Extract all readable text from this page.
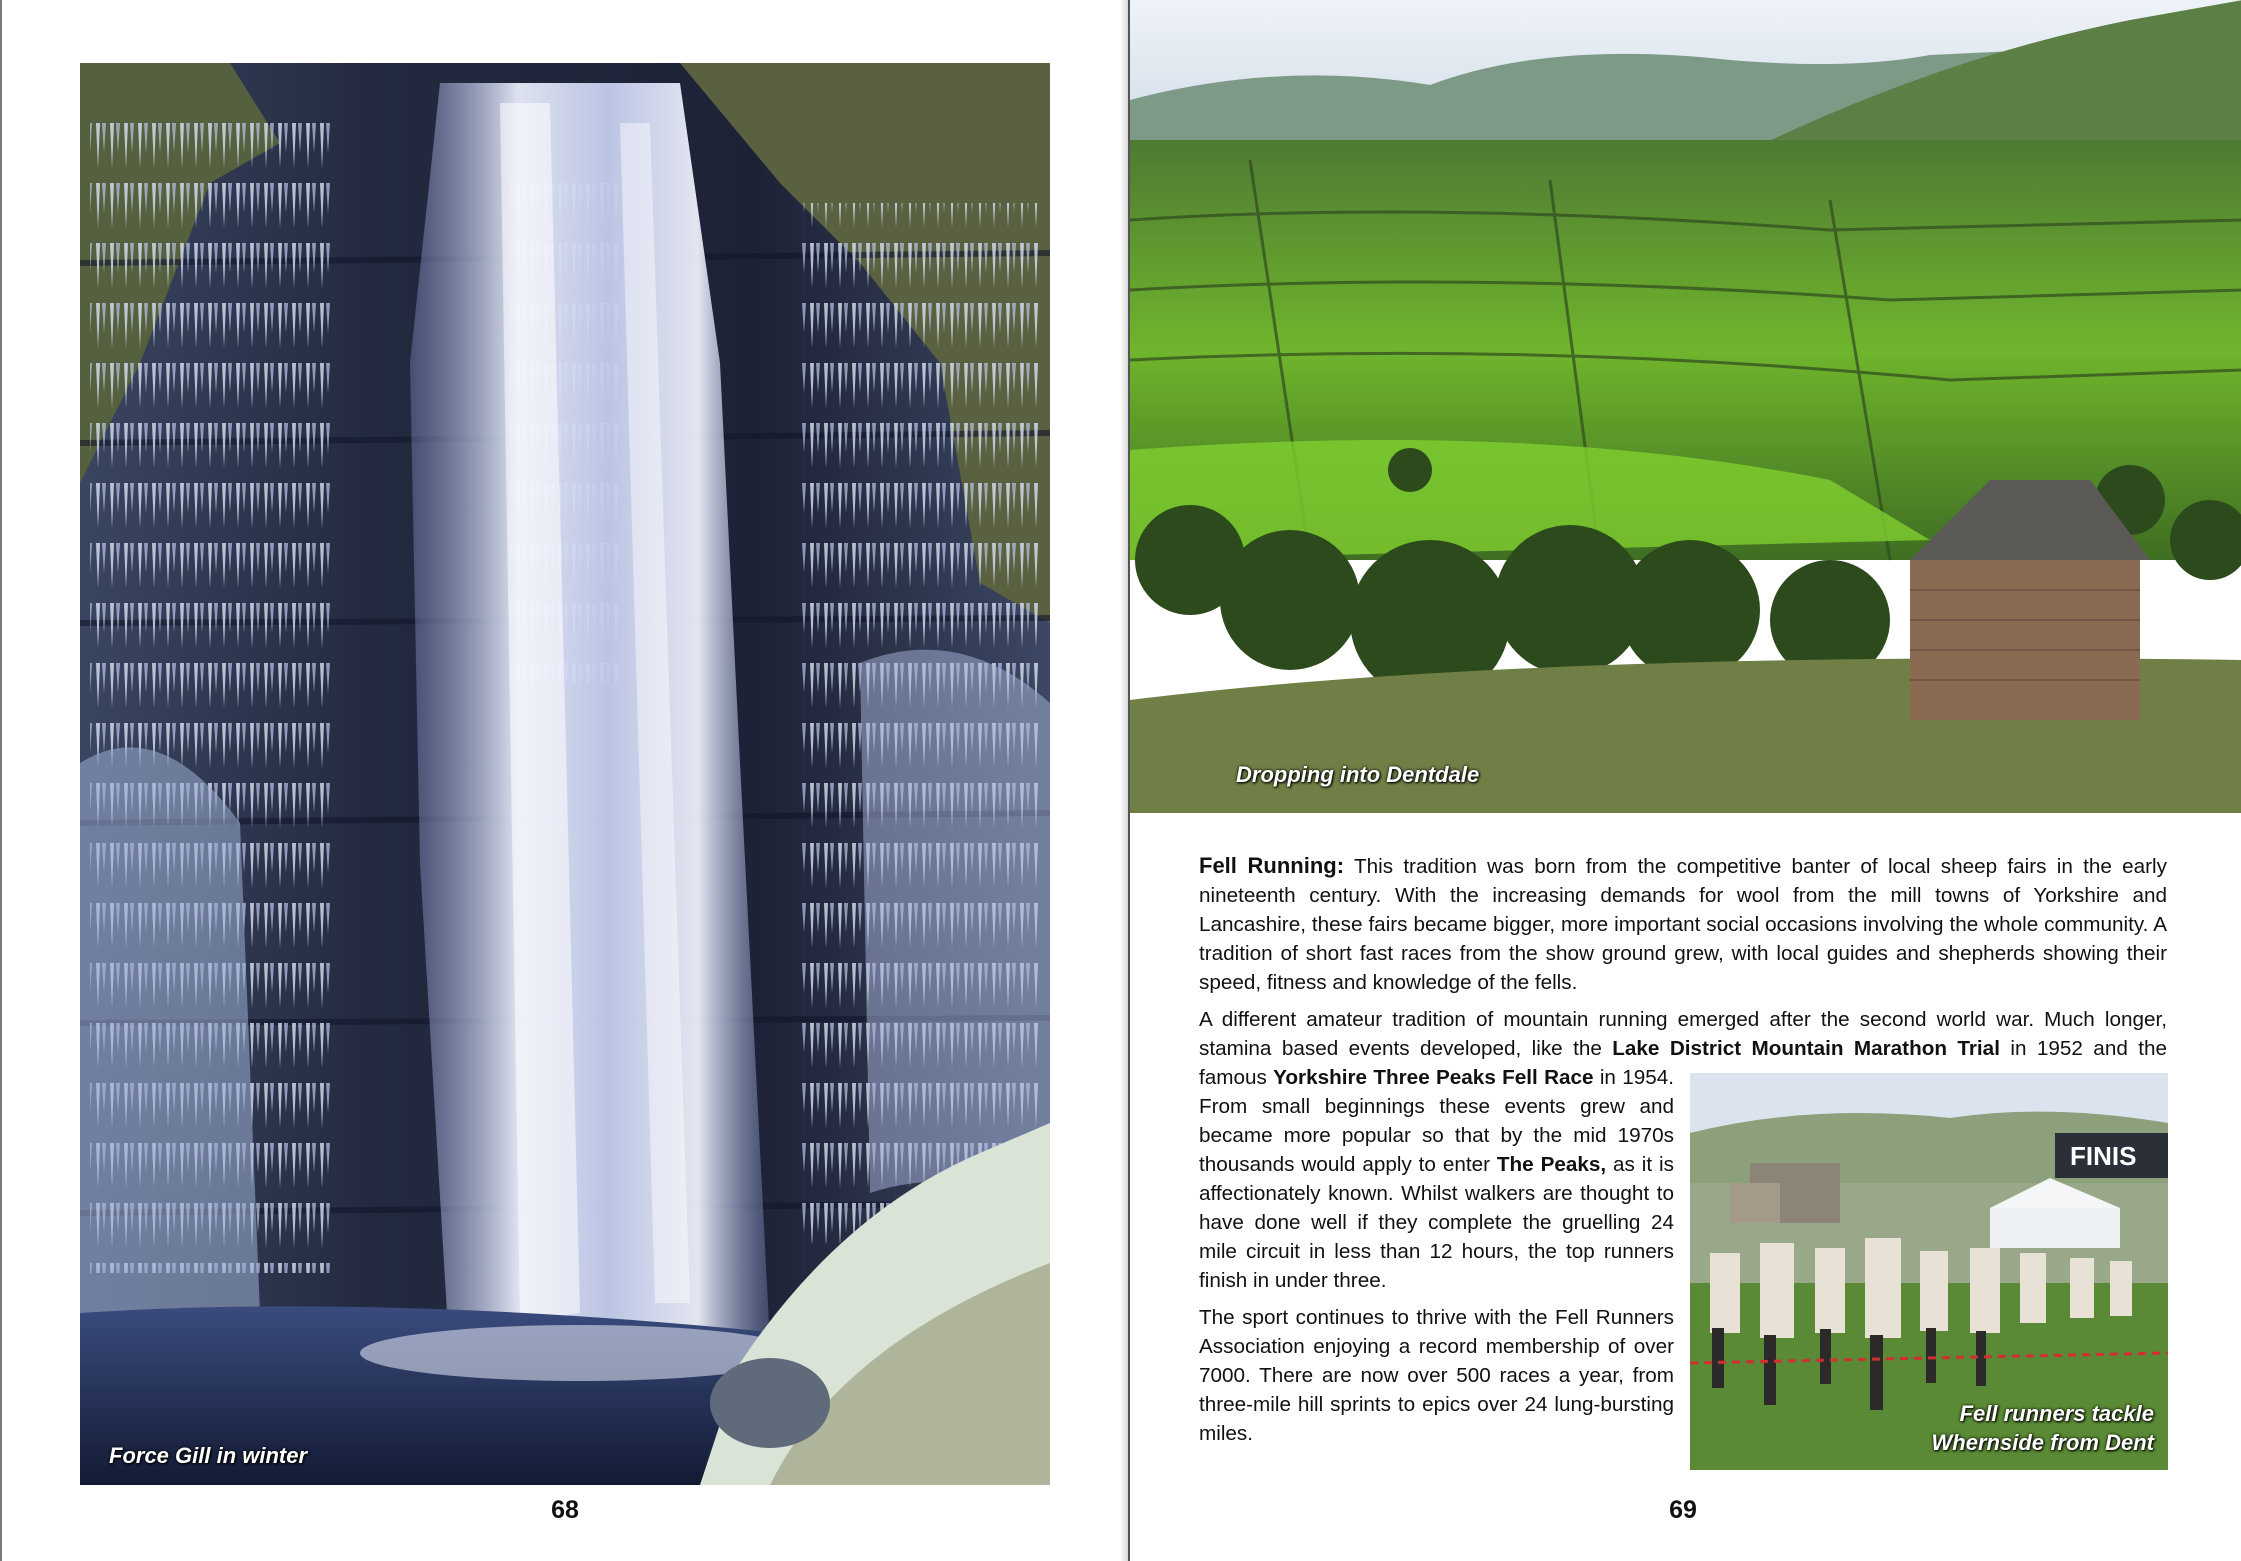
Force Gill in winter
68
Dropping into Dentdale
69

Fell Running: This tradition was born from the competitive banter of local sheep fairs in the early nineteenth century. With the increasing demands for wool from the mill towns of Yorkshire and Lancashire, these fairs became bigger, more important social occasions involving the whole community. A tradition of short fast races from the show ground grew, with local guides and shepherds showing their speed, fitness and knowledge of the fells.

A different amateur tradition of mountain running emerged after the second world war. Much longer, stamina based events developed, like the Lake District Mountain Marathon Trial in 1952 and the famous
FINIS
Fell runners tackle
Whernside from Dent
Yorkshire Three Peaks Fell Race in 1954. From small beginnings these events grew and became more popular so that by the mid 1970s thousands would apply to enter The Peaks, as it is affectionately known. Whilst walkers are thought to have done well if they complete the gruelling 24 mile circuit in less than 12 hours, the top runners finish in under three.

The sport continues to thrive with the Fell Runners Association enjoying a record membership of over 7000. There are now over 500 races a year, from three-mile hill sprints to epics over 24 lung-bursting miles.
